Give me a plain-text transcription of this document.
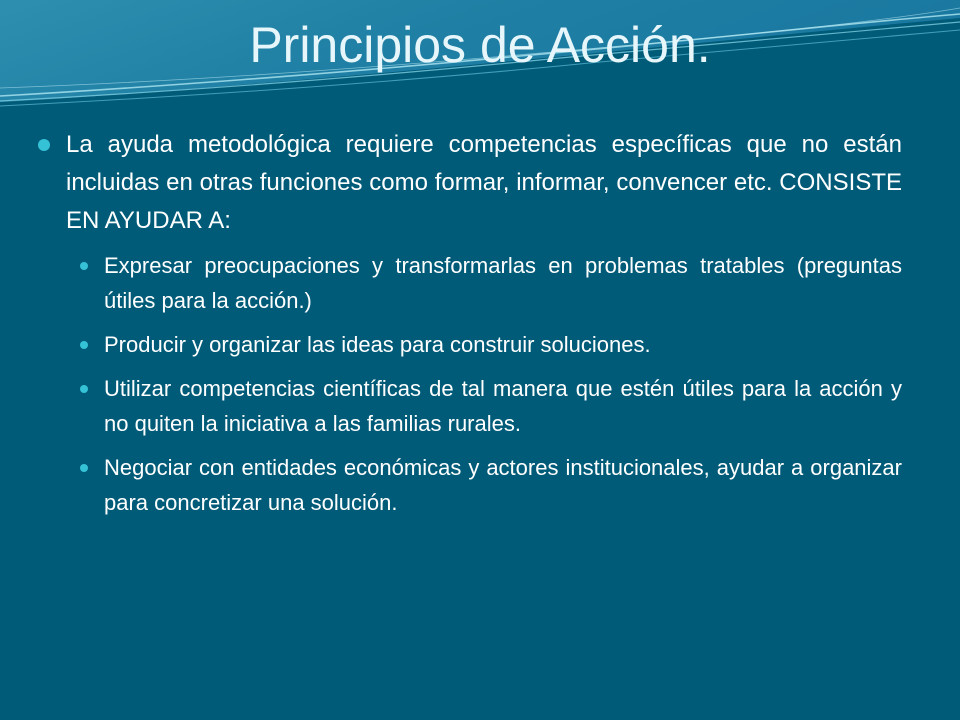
Principios de Acción.
La ayuda metodológica requiere competencias específicas que no están incluidas en otras funciones como formar, informar, convencer etc. CONSISTE EN AYUDAR A:
Expresar preocupaciones y transformarlas en problemas tratables (preguntas útiles para la acción.)
Producir y organizar las ideas para construir soluciones.
Utilizar competencias científicas de tal manera que estén útiles para la acción y no quiten la iniciativa a las familias rurales.
Negociar con entidades económicas y actores institucionales, ayudar a organizar para concretizar una solución.
